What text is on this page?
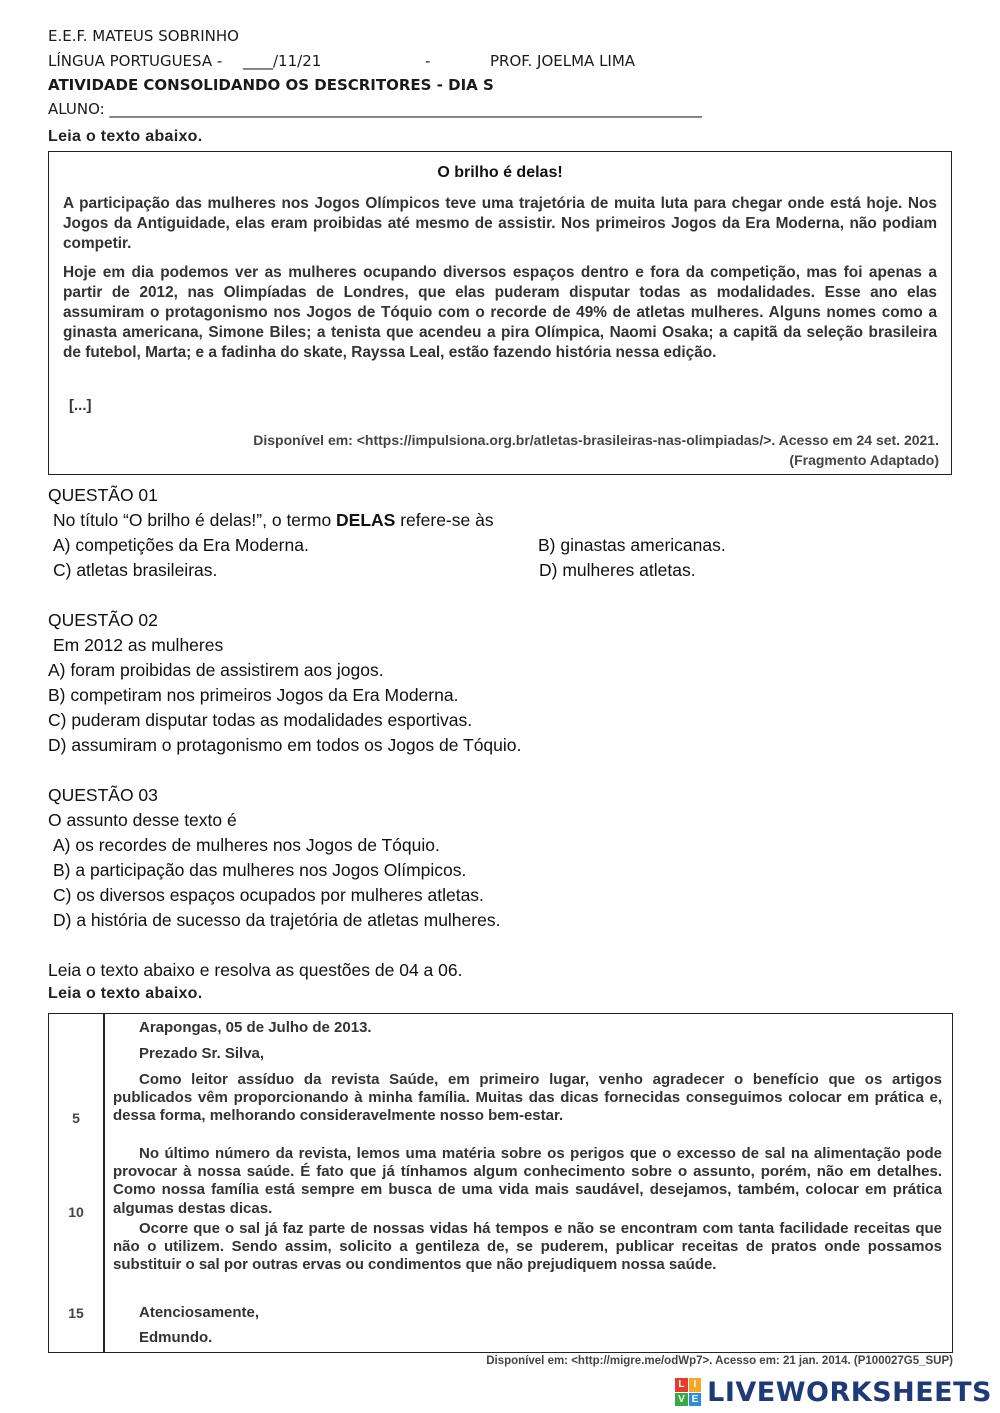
E.E.F. MATEUS SOBRINHO
LÍNGUA PORTUGUESA - ____/11/21	-	PROF. JOELMA LIMA
ATIVIDADE CONSOLIDANDO OS DESCRITORES - DIA S
ALUNO: _______________________________________________________________________________
Leia o texto abaixo.
O brilho é delas!
A participação das mulheres nos Jogos Olímpicos teve uma trajetória de muita luta para chegar onde está hoje. Nos Jogos da Antiguidade, elas eram proibidas até mesmo de assistir. Nos primeiros Jogos da Era Moderna, não podiam competir.
Hoje em dia podemos ver as mulheres ocupando diversos espaços dentro e fora da competição, mas foi apenas a partir de 2012, nas Olimpíadas de Londres, que elas puderam disputar todas as modalidades. Esse ano elas assumiram o protagonismo nos Jogos de Tóquio com o recorde de 49% de atletas mulheres. Alguns nomes como a ginasta americana, Simone Biles; a tenista que acendeu a pira Olímpica, Naomi Osaka; a capitã da seleção brasileira de futebol, Marta; e a fadinha do skate, Rayssa Leal, estão fazendo história nessa edição.
[...]
Disponível em: <https://impulsiona.org.br/atletas-brasileiras-nas-olimpiadas/>. Acesso em 24 set. 2021.
(Fragmento Adaptado)
QUESTÃO 01
No título “O brilho é delas!”, o termo DELAS refere-se às
A) competições da Era Moderna.	B) ginastas americanas.
C) atletas brasileiras.	D) mulheres atletas.
QUESTÃO 02
Em 2012 as mulheres
A) foram proibidas de assistirem aos jogos.
B) competiram nos primeiros Jogos da Era Moderna.
C) puderam disputar todas as modalidades esportivas.
D) assumiram o protagonismo em todos os Jogos de Tóquio.
QUESTÃO 03
O assunto desse texto é
A) os recordes de mulheres nos Jogos de Tóquio.
B) a participação das mulheres nos Jogos Olímpicos.
C) os diversos espaços ocupados por mulheres atletas.
D) a história de sucesso da trajetória de atletas mulheres.
Leia o texto abaixo e resolva as questões de 04 a 06.
Leia o texto abaixo.
5
10
15
Arapongas, 05 de Julho de 2013.
Prezado Sr. Silva,
Como leitor assíduo da revista Saúde, em primeiro lugar, venho agradecer o benefício que os artigos publicados vêm proporcionando à minha família. Muitas das dicas fornecidas conseguimos colocar em prática e, dessa forma, melhorando consideravelmente nosso bem-estar.
No último número da revista, lemos uma matéria sobre os perigos que o excesso de sal na alimentação pode provocar à nossa saúde. É fato que já tínhamos algum conhecimento sobre o assunto, porém, não em detalhes. Como nossa família está sempre em busca de uma vida mais saudável, desejamos, também, colocar em prática algumas destas dicas.
Ocorre que o sal já faz parte de nossas vidas há tempos e não se encontram com tanta facilidade receitas que não o utilizem. Sendo assim, solicito a gentileza de, se puderem, publicar receitas de pratos onde possamos substituir o sal por outras ervas ou condimentos que não prejudiquem nossa saúde.
Atenciosamente,
Edmundo.
Disponível em: <http://migre.me/odWp7>. Acesso em: 21 jan. 2014. (P100027G5_SUP)
L I
V E LIVEWORKSHEETS
